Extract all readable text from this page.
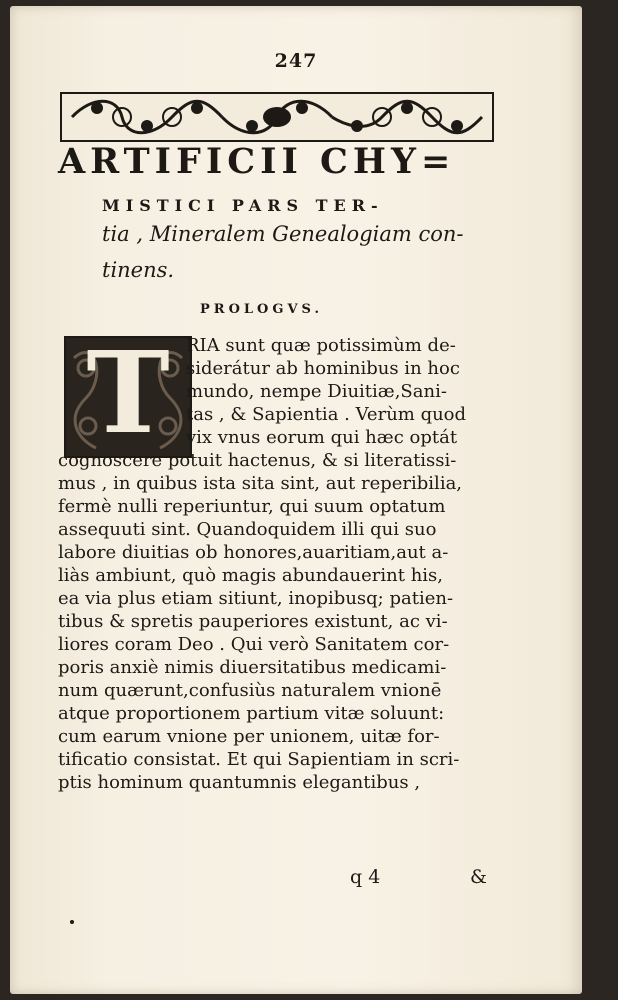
247
ARTIFICII CHY=
MISTICI PARS TER-
tia , Mineralem Genealogiam con-
tinens.
PROLOGVS.
T RIA sunt quæ potissimùm de-
siderátur ab hominibus in hoc
mundo, nempe Diuitiæ,Sani-
tas , & Sapientia . Verùm quod
vix vnus eorum qui hæc optát
cognoscere potuit hactenus, & si literatissi-
mus , in quibus ista sita sint, aut reperibilia,
fermè nulli reperiuntur, qui suum optatum
assequuti sint. Quandoquidem illi qui suo
labore diuitias ob honores,auaritiam,aut a-
liàs ambiunt, quò magis abundauerint his,
ea via plus etiam sitiunt, inopibusq; patien-
tibus & spretis pauperiores existunt, ac vi-
liores coram Deo . Qui verò Sanitatem cor-
poris anxiè nimis diuersitatibus medicami-
num quærunt,confusiùs naturalem vnionē
atque proportionem partium vitæ soluunt:
cum earum vnione per unionem, uitæ for-
tificatio consistat. Et qui Sapientiam in scri-
ptis hominum quantumnis elegantibus ,
q 4	&
